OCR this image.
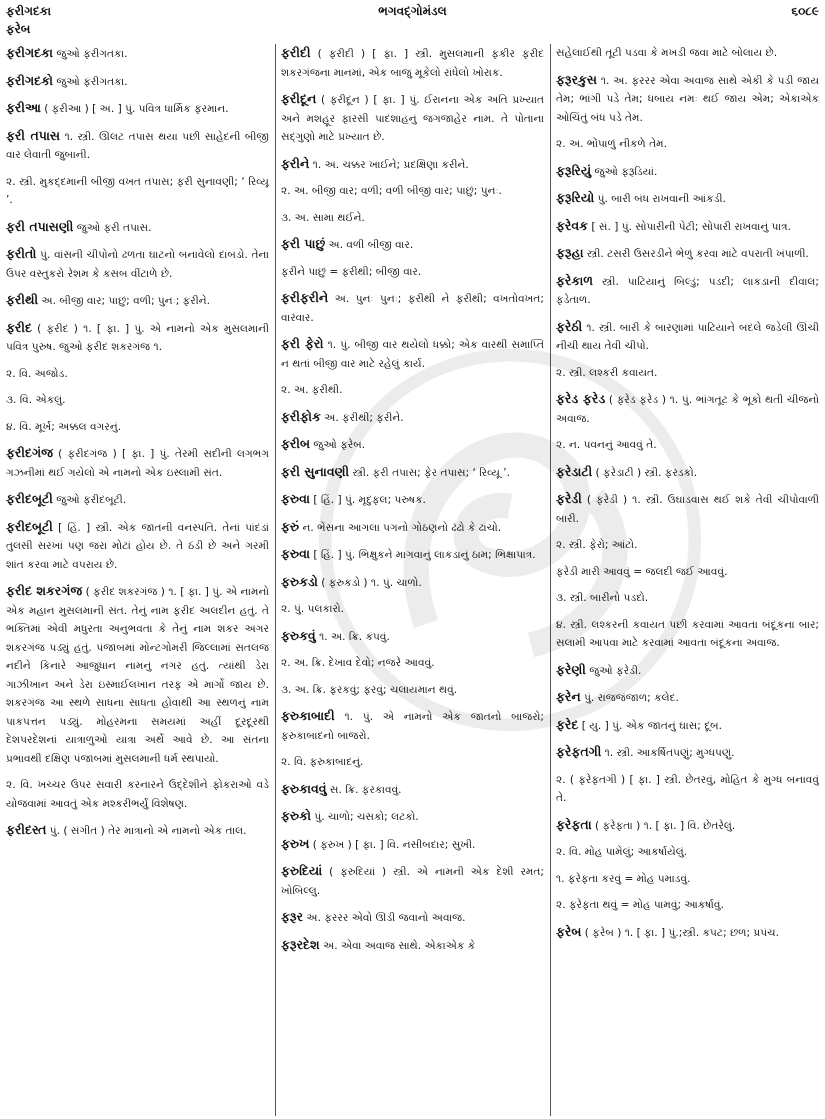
ફરીગદકા	ભગવદ્ગોમંડલ	૬૦૮૯
ફરેબ

ફરીગદકા જુઓ ફરીગતકા.

ફરીગદકો જુઓ ફરીગતકા.

ફરીઆ ( ફરીઆ ) [ અ. ] પું. પવિત્ર ધાર્મિક ફરમાન.

ફરી તપાસ ૧. સ્ત્રી. ઊલટ તપાસ થયા પછી સાહેદની બીજી વાર લેવાતી જુબાની.

૨. સ્ત્રી. મુકદ્દમાની બીજી વખત તપાસ; ફરી સુનાવણી; ‘ રિવ્યૂ ’.

ફરી તપાસણી જુઓ ફરી તપાસ.

ફરીતો પું. વાંસની ચીપોનો ઢળતા ઘાટનો બનાવેલો દાબડો. તેના ઉપર વસ્તુકરો રેશમ કે કસબ વીંટાળે છે.

ફરીથી અ. બીજી વાર; પાછું; વળી; પુનઃ; ફરીને.

ફરીદ ( ફરીદ ) ૧. [ ફા. ] પું. એ નામનો એક મુસલમાની પવિત્ર પુરુષ. જુઓ ફરીદ શકરગંજ ૧.

૨. વિ. અજોડ.

૩. વિ. એકલું.

૪. વિ. મૂર્ખ; અક્કલ વગરનું.

ફરીદગંજ ( ફરીદગંજ ) [ ફા. ] પું. તેરમી સદીની લગભગ ગઝનીમાં થઈ ગયેલો એ નામનો એક ઇસ્લામી સંત.

ફરીદબૂટી જુઓ ફરીદબૂટી.

ફરીદબૂટી [ હિં. ] સ્ત્રી. એક જાતની વનસ્પતિ. તેનાં પાંદડાં તુલસી સરખાં પણ જરા મોટાં હોય છે. તે ઠંડી છે અને ગરમી શાંત કરવા માટે વપરાય છે.

ફરીદ શકરગંજ ( ફરીદ શકરગંજ ) ૧. [ ફા. ] પું. એ નામનો એક મહાન મુસલમાની સંત. તેનું નામ ફરીદ અલદીન હતું. તે ભક્તિમાં એવી મધુરતા અનુભવતા કે તેનું નામ શકર અગર શકરગંજ પડ્યું હતું. પંજાબમાં મોન્ટગોમરી જિલ્લામાં સતલજ નદીને કિનારે આજુધાન નામનું નગર હતું. ત્યાંથી ડેરા ગાઝીખાન અને ડેરા ઇસ્માઈલખાન તરફ એ માર્ગો જાય છે. શકરગંજ આ સ્થળે સાધના સાધતા હોવાથી આ સ્થળનું નામ પાકપત્તન પડ્યું. મોહરમના સમયમાં અહીં દૂરદૂરથી દેશપરદેશનાં યાત્રાળુઓ યાત્રા અર્થે આવે છે. આ સંતના પ્રભાવથી દક્ષિણ પંજાબમાં મુસલમાની ધર્મ સ્થપાયો.

૨. વિ. ખચ્ચર ઉપર સવારી કરનારને ઉદ્દેશીને ફોકરાઓ વડે યોજવામાં આવતું એક મશ્કરીભર્યું વિશેષણ.

ફરીદસ્ત પું. ( સંગીત ) તેર માત્રાનો એ નામનો એક તાલ.

ફરીદી ( ફરીદી ) [ ફા. ] સ્ત્રી. મુસલમાની ફકીર ફરીદ શકરગંજના માનમાં, એક બાજુ મૂકેલો રાંધેલો ખોરાક.

ફરીદૂન ( ફરીદૂન ) [ ફા. ] પું. ઈરાનના એક અતિ પ્રખ્યાત અને મશહૂર ફારસી પાદશાહનું જગજાહેર નામ. તે પોતાના સદ્ગુણો માટે પ્રખ્યાત છે.

ફરીને ૧. અ. ચક્કર ખાઈને; પ્રદક્ષિણા કરીને.

૨. અ. બીજી વાર; વળી; વળી બીજી વાર; પાછું; પુનઃ.

૩. અ. સામા થઈને.

ફરી પાછું અ. વળી બીજી વાર.

ફરીને પાછું = ફરીથી; બીજી વાર.

ફરીફરીને અ. પુનઃ પુનઃ; ફરીથી ને ફરીથી; વખતોવખત; વારંવાર.

ફરી ફેરો ૧. પું. બીજી વાર થયેલો ધક્કો; એક વારથી સમાપ્તિ ન થતાં બીજી વાર માટે રહેલું કાર્ય.

૨. અ. ફરીથી.

ફરીફોક અ. ફરીથી; ફરીને.

ફરીબ જુઓ ફરેબ.

ફરી સુનાવણી સ્ત્રી. ફરી તપાસ; ફેર તપાસ; ‘ રિવ્યૂ ’.

ફરુવા [ હિં. ] પું. મૃદુફલ; પરુષક.

ફરું ન. ભેંસના આગલા પગનો ગોઠણનો ઢંઢો કે ઢાંચો.

ફરુવા [ હિં. ] પું. ભિક્ષુકને માગવાનું લાકડાનું ઠામ; ભિક્ષાપાત્ર.

ફરુકડો ( ફરુકડો ) ૧. પું. ચાળો.

૨. પું. પલકારો.

ફરુકવું ૧. અ. ક્રિ. કંપવું.

૨. અ. ક્રિ. દેખાવ દેવો; નજરે આવવું.

૩. અ. ક્રિ. ફરકવું; ફરવું; ચલાયમાન થવું.

ફરુકાબાદી ૧. પું. એ નામનો એક જાતનો બાજરો; ફરુકાબાદનો બાજરો.

૨. વિ. ફરુકાબાદનું.

ફરુકાવવું સ. ક્રિ. ફરકાવવું.

ફરુકો પું. ચાળો; ચસકો; લટકો.

ફરુખ ( ફરુખ ) [ ફા. ] વિ. નસીબદાર; સુખી.

ફરુદિયાં ( ફરુદિયાં ) સ્ત્રી. એ નામની એક દેશી રમત; ખોબિલ્લુ.

ફરૂર અ. ફરરર એવો ઊડી જવાનો અવાજ.

ફરૂરદેશ અ. એવા અવાજ સાથે. એકાએક કે

સહેલાઈથી તૂટી પડવા કે મખડી જવા માટે બોલાય છે.

ફરૂરકુસ ૧. અ. ફરરર એવા અવાજ સાથે એકી કે પડી જાય તેમ; ભાંગી પડે તેમ; ધબાય નમઃ થઈ જાય એમ; એકાએક ઓચિંતું બંધ પડે તેમ.

૨. અ. ભોંપાળું નીકળે તેમ.

ફરૂરિયું જુઓ ફરૂડિયાં.

ફરૂરિયો પું. બારી બંધ રાખવાની આંકડી.

ફરેવક [ સં. ] પું. સોપારીની પેટી; સોપારી રાખવાનું પાત્ર.

ફરૂહા સ્ત્રી. ટસરી ઉસરડીને ભેળું કરવા માટે વપરાતી ખંપાળી.

ફરેકાળ સ્ત્રી. પાટિયાનું બિલ્ડું; પડદી; લાકડાની દીવાલ; ફડેતાળ.

ફરેઠી ૧. સ્ત્રી. બારી કે બારણામાં પાટિયાને બદલે જડેલી ઊંચી નીચી થાય તેવી ચીપો.

૨. સ્ત્રી. લશ્કરી કવાયત.

ફરેડ ફરેડ ( ફરેડ ફરેડ ) ૧. પું. ભાંગતૂટ કે ભૂકો થતી ચીજનો અવાજ.

૨. ન. પવનનું આવવું તે.

ફરેડાટી ( ફરેડાટી ) સ્ત્રી. ફરડકો.

ફરેડી ( ફરેડી ) ૧. સ્ત્રી. ઉઘાડવાસ થઈ શકે તેવી ચીપોવાળી બારી.

૨. સ્ત્રી. ફેરો; આંટો.

ફરેડી મારી આવવું = જલદી જઈ આવવું.

૩. સ્ત્રી. બારીનો પડદો.

૪. સ્ત્રી. લશ્કરની કવાયત પછી કરવામાં આવતા બંદૂકના બાર; સલામી આપવા માટે કરવામાં આવતા બંદૂકના અવાજ.

ફરેણી જુઓ ફરેડી.

ફરેન પું. રાજજંજાળ; કલેદ.

ફરેદ [ યુ. ] પું. એક જાતનું ઘાસ; દૂબ.

ફરેફતગી ૧. સ્ત્રી. આકર્ષિતપણું; મુગ્ધપણું.

૨. ( ફરેફતગી ) [ ફા. ] સ્ત્રી. છેતરવું, મોહિત કે મુગ્ધ બનાવવું તે.

ફરેફતા ( ફરેફતા ) ૧. [ ફા. ] વિ. છેતરેલું.

૨. વિ. મોહ પામેલું; આકર્ષાયેલું.

૧. ફરેફતા કરવું = મોહ પમાડવું.

૨. ફરેફતા થવું = મોહ પામવું; આકર્ષાવું.

ફરેબ ( ફરેબ ) ૧. [ ફા. ] પું.;સ્ત્રી. કપટ; છળ; પ્રપંચ.
